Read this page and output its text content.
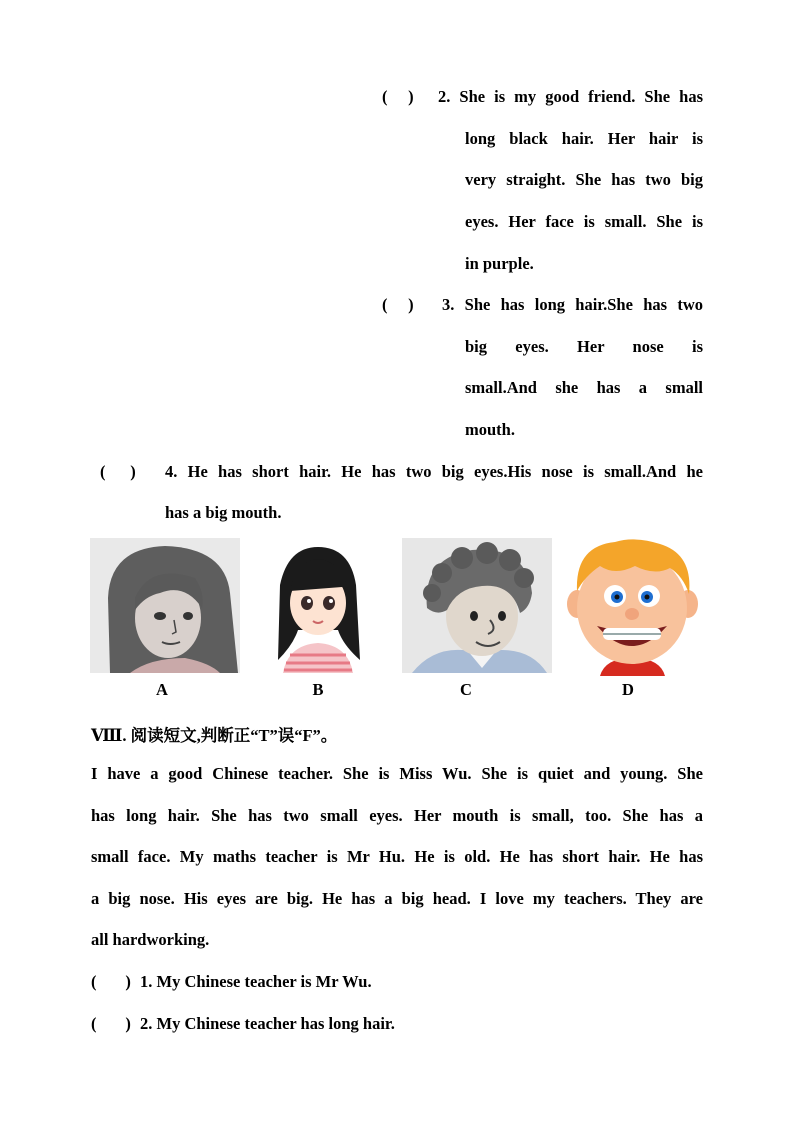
(     ) 2. She is my good friend. She has
long black hair. Her hair is
very straight. She has two big
eyes. Her face is small. She is
in purple.
(     ) 3. She has long hair.She has two
big eyes. Her nose is
small.And she has a small
mouth.
(      ) 4. He has short hair. He has two big eyes.His nose is small.And he
has a big mouth.
A	B	C	D
Ⅷ. 阅读短文,判断正“T”误“F”。
I have a good Chinese teacher. She is Miss Wu. She is quiet and young. She
has long hair. She has two small eyes. Her mouth is small, too. She has a
small face. My maths teacher is Mr Hu. He is old. He has short hair. He has
a big nose. His eyes are big. He has a big head. I love my teachers. They are
all hardworking.
(       ) 1. My Chinese teacher is Mr Wu.
(       ) 2. My Chinese teacher has long hair.
